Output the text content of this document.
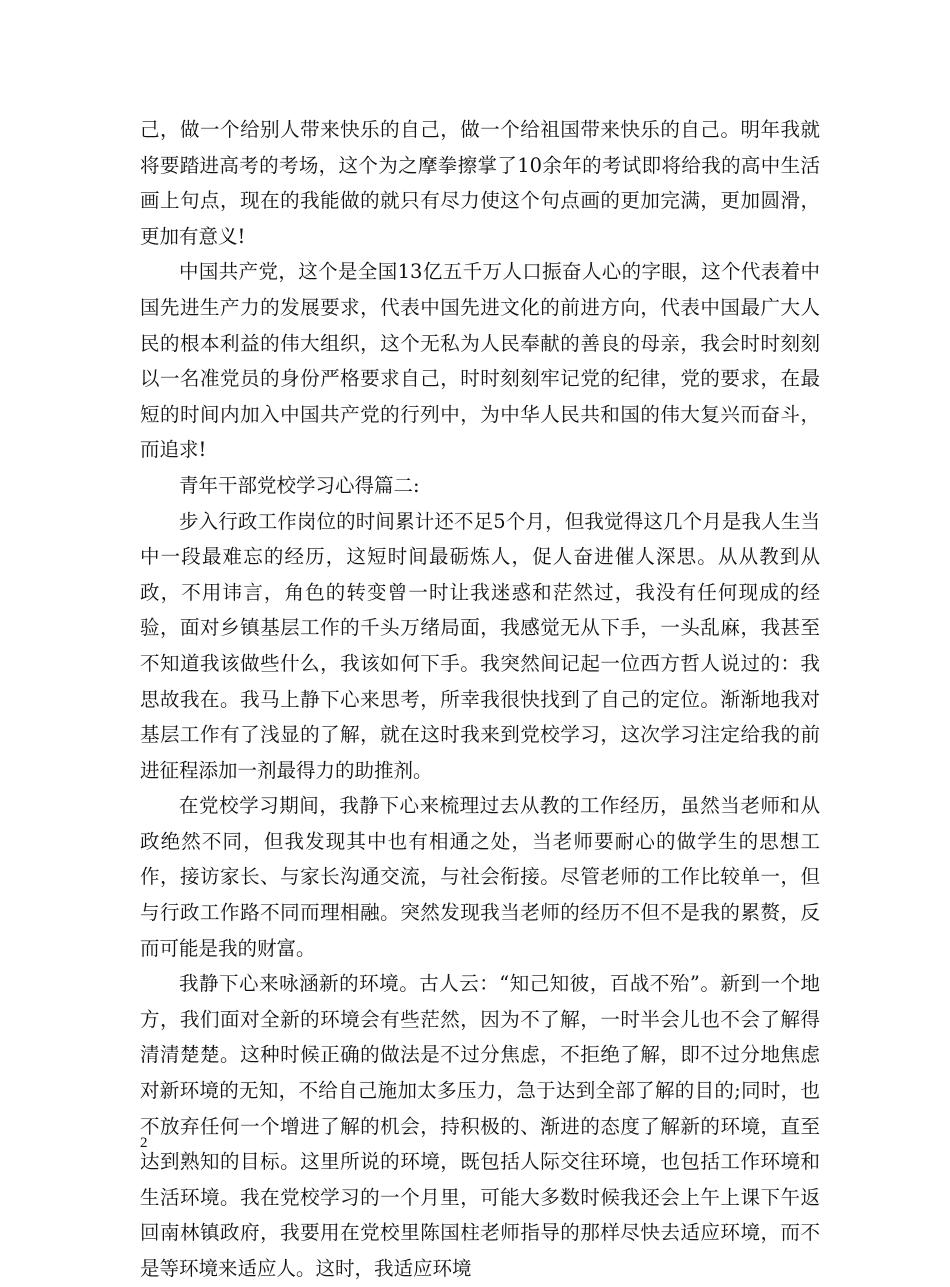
己，做一个给别人带来快乐的自己，做一个给祖国带来快乐的自己。明年我就将要踏进高考的考场，这个为之摩拳擦掌了10余年的考试即将给我的高中生活画上句点，现在的我能做的就只有尽力使这个句点画的更加完满，更加圆滑，更加有意义!

中国共产党，这个是全国13亿五千万人口振奋人心的字眼，这个代表着中国先进生产力的发展要求，代表中国先进文化的前进方向，代表中国最广大人民的根本利益的伟大组织，这个无私为人民奉献的善良的母亲，我会时时刻刻以一名准党员的身份严格要求自己，时时刻刻牢记党的纪律，党的要求，在最短的时间内加入中国共产党的行列中，为中华人民共和国的伟大复兴而奋斗，而追求!

青年干部党校学习心得篇二:

步入行政工作岗位的时间累计还不足5个月，但我觉得这几个月是我人生当中一段最难忘的经历，这短时间最砺炼人，促人奋进催人深思。从从教到从政，不用讳言，角色的转变曾一时让我迷惑和茫然过，我没有任何现成的经验，面对乡镇基层工作的千头万绪局面，我感觉无从下手，一头乱麻，我甚至不知道我该做些什么，我该如何下手。我突然间记起一位西方哲人说过的：我思故我在。我马上静下心来思考，所幸我很快找到了自己的定位。渐渐地我对基层工作有了浅显的了解，就在这时我来到党校学习，这次学习注定给我的前进征程添加一剂最得力的助推剂。

在党校学习期间，我静下心来梳理过去从教的工作经历，虽然当老师和从政绝然不同，但我发现其中也有相通之处，当老师要耐心的做学生的思想工作，接访家长、与家长沟通交流，与社会衔接。尽管老师的工作比较单一，但与行政工作路不同而理相融。突然发现我当老师的经历不但不是我的累赘，反而可能是我的财富。

我静下心来咏涵新的环境。古人云：“知己知彼，百战不殆”。新到一个地方，我们面对全新的环境会有些茫然，因为不了解，一时半会儿也不会了解得清清楚楚。这种时候正确的做法是不过分焦虑，不拒绝了解，即不过分地焦虑对新环境的无知，不给自己施加太多压力，急于达到全部了解的目的;同时，也不放弃任何一个增进了解的机会，持积极的、渐进的态度了解新的环境，直至达到熟知的目标。这里所说的环境，既包括人际交往环境，也包括工作环境和生活环境。我在党校学习的一个月里，可能大多数时候我还会上午上课下午返回南林镇政府，我要用在党校里陈国柱老师指导的那样尽快去适应环境，而不是等环境来适应人。这时，我适应环境

2
